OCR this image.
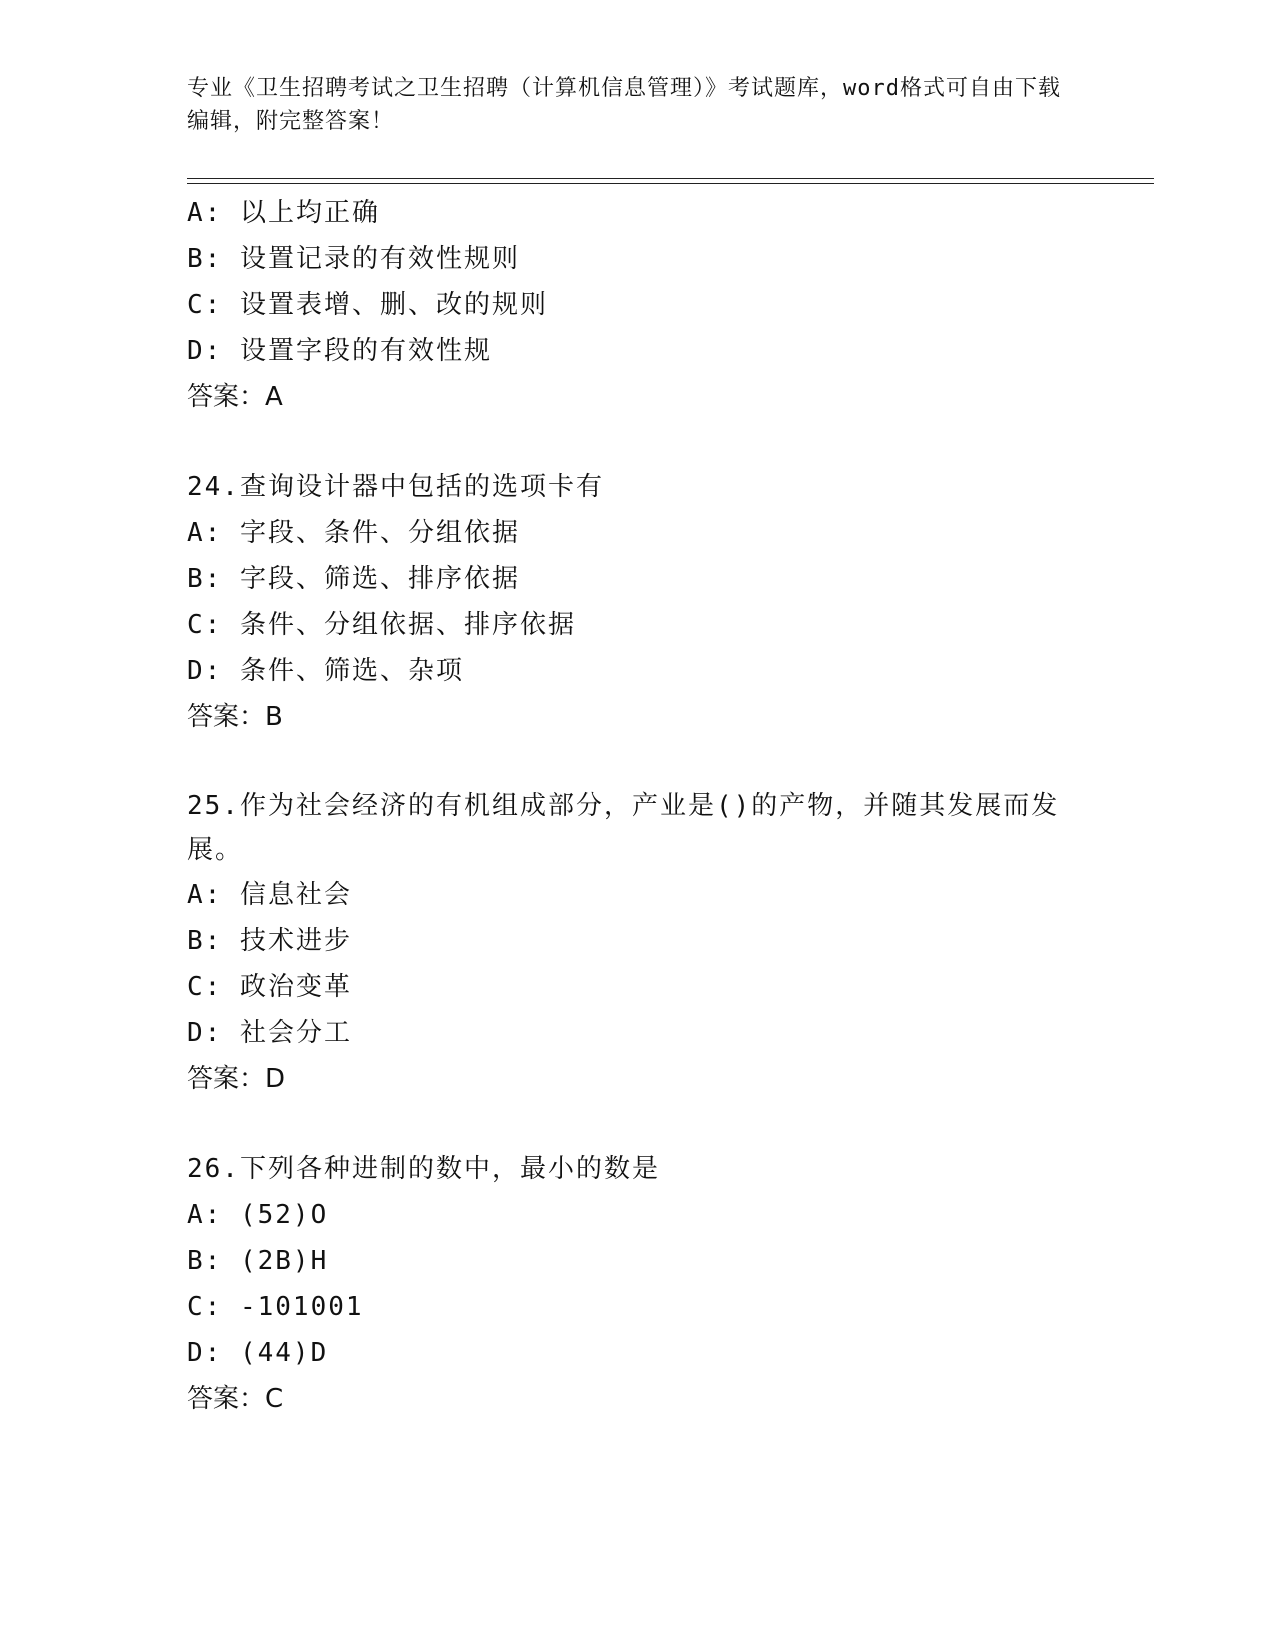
专业《卫生招聘考试之卫生招聘（计算机信息管理）》考试题库，word格式可自由下载编辑，附完整答案！
A: 以上均正确
B: 设置记录的有效性规则
C: 设置表增、删、改的规则
D: 设置字段的有效性规
答案：A
24.查询设计器中包括的选项卡有
A: 字段、条件、分组依据
B: 字段、筛选、排序依据
C: 条件、分组依据、排序依据
D: 条件、筛选、杂项
答案：B
25.作为社会经济的有机组成部分，产业是()的产物，并随其发展而发展。
A: 信息社会
B: 技术进步
C: 政治变革
D: 社会分工
答案：D
26.下列各种进制的数中，最小的数是
A: (52)O
B: (2B)H
C: -101001
D: (44)D
答案：C
